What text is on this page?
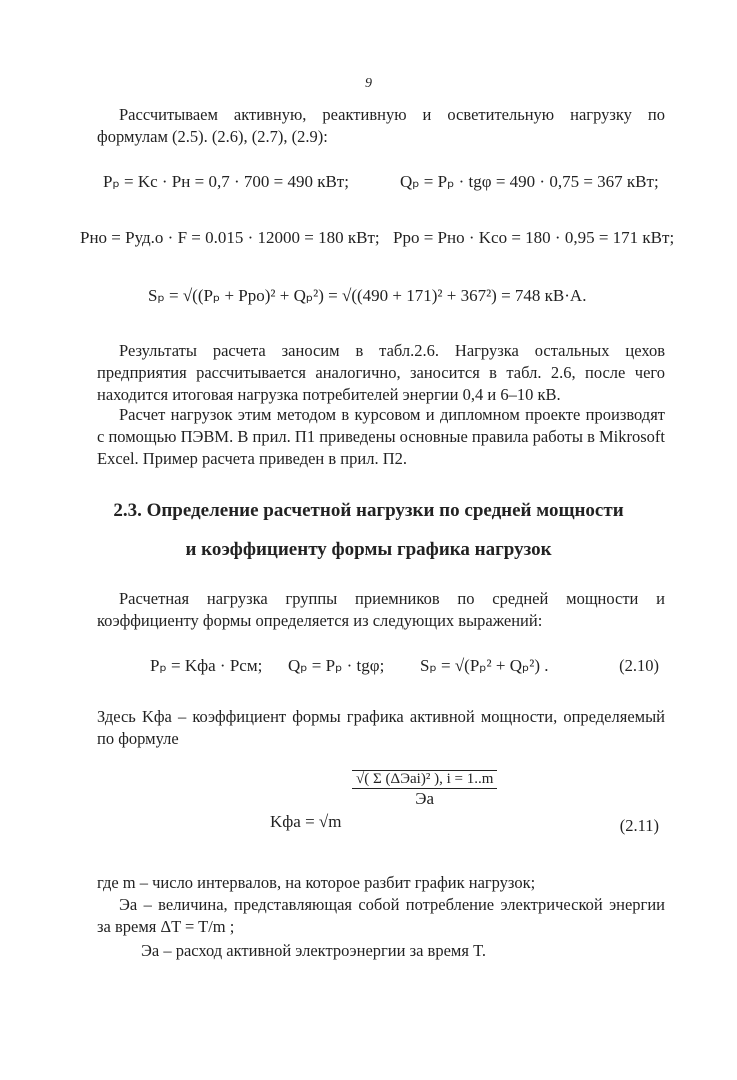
9
Рассчитываем активную, реактивную и осветительную нагрузку по формулам (2.5). (2.6), (2.7), (2.9):
Pₚ = Kс · Pн = 0,7 · 700 = 490 кВт;	Qₚ = Pₚ · tgφ = 490 · 0,75 = 367 кВт;
Pно = Pуд.о · F = 0.015 · 12000 = 180 кВт; Pро = Pно · Kсо = 180 · 0,95 = 171 кВт;
Sₚ = √((Pₚ + Pро)² + Qₚ²) = √((490 + 171)² + 367²) = 748 кВ·А.
Результаты расчета заносим в табл.2.6. Нагрузка остальных цехов предприятия рассчитывается аналогично, заносится в табл. 2.6, после чего находится итоговая нагрузка потребителей энергии 0,4 и 6–10 кВ.
Расчет нагрузок этим методом в курсовом и дипломном проекте производят с помощью ПЭВМ. В прил. П1 приведены основные правила работы в Mikrosoft Excel. Пример расчета приведен в прил. П2.
2.3. Определение расчетной нагрузки по средней мощности
и коэффициенту формы графика нагрузок
Расчетная нагрузка группы приемников по средней мощности и коэффициенту формы определяется из следующих выражений:
Pₚ = Kфа · Pсм; Qₚ = Pₚ · tgφ; Sₚ = √(Pₚ² + Qₚ²) .	(2.10)
Здесь Kфа – коэффициент формы графика активной мощности, определяемый по формуле
Kфа = √m
√( Σ (ΔЭai)² ), i = 1..m
Эа
(2.11)
где m – число интервалов, на которое разбит график нагрузок;
Эа – величина, представляющая собой потребление электрической энергии за время ΔT = T/m ;
Эа – расход активной электроэнергии за время T.
